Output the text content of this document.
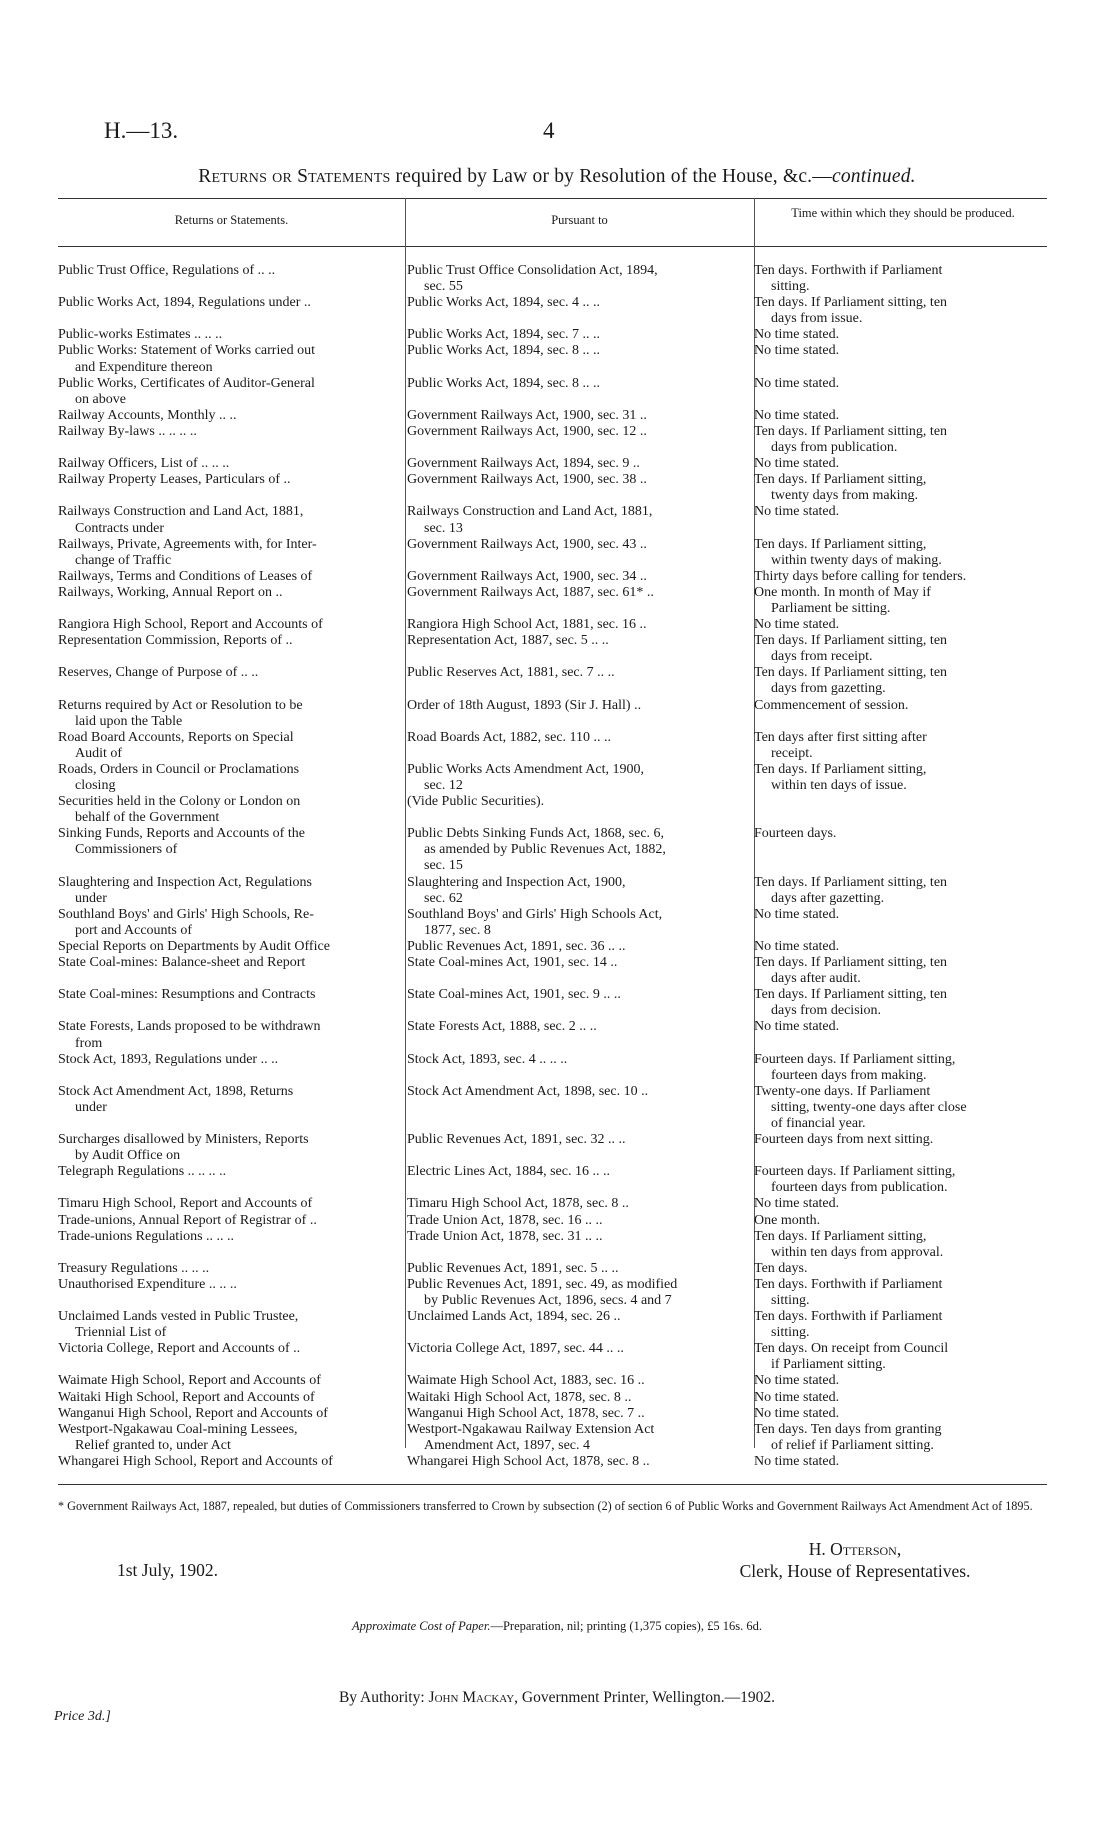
H.—13.	4
Returns or Statements required by Law or by Resolution of the House, &c.—continued.
Returns or Statements.	Pursuant to	Time within which they should be produced.
Public Trust Office, Regulations of .. ..	Public Trust Office Consolidation Act, 1894,
sec. 55	Ten days. Forthwith if Parliament
sitting.

Public Works Act, 1894, Regulations under ..	Public Works Act, 1894, sec. 4 .. ..	Ten days. If Parliament sitting, ten
days from issue.

Public-works Estimates .. .. ..	Public Works Act, 1894, sec. 7 .. ..	No time stated.

Public Works: Statement of Works carried out
and Expenditure thereon	Public Works Act, 1894, sec. 8 .. ..	No time stated.

Public Works, Certificates of Auditor-General
on above	Public Works Act, 1894, sec. 8 .. ..	No time stated.

Railway Accounts, Monthly .. ..	Government Railways Act, 1900, sec. 31 ..	No time stated.

Railway By-laws .. .. .. ..	Government Railways Act, 1900, sec. 12 ..	Ten days. If Parliament sitting, ten
days from publication.

Railway Officers, List of .. .. ..	Government Railways Act, 1894, sec. 9 ..	No time stated.

Railway Property Leases, Particulars of ..	Government Railways Act, 1900, sec. 38 ..	Ten days. If Parliament sitting,
twenty days from making.

Railways Construction and Land Act, 1881,
Contracts under	Railways Construction and Land Act, 1881,
sec. 13	No time stated.

Railways, Private, Agreements with, for Inter-
change of Traffic	Government Railways Act, 1900, sec. 43 ..	Ten days. If Parliament sitting,
within twenty days of making.

Railways, Terms and Conditions of Leases of	Government Railways Act, 1900, sec. 34 ..	Thirty days before calling for tenders.

Railways, Working, Annual Report on ..	Government Railways Act, 1887, sec. 61* ..	One month. In month of May if
Parliament be sitting.

Rangiora High School, Report and Accounts of	Rangiora High School Act, 1881, sec. 16 ..	No time stated.

Representation Commission, Reports of ..	Representation Act, 1887, sec. 5 .. ..	Ten days. If Parliament sitting, ten
days from receipt.

Reserves, Change of Purpose of .. ..	Public Reserves Act, 1881, sec. 7 .. ..	Ten days. If Parliament sitting, ten
days from gazetting.

Returns required by Act or Resolution to be
laid upon the Table	Order of 18th August, 1893 (Sir J. Hall) ..	Commencement of session.

Road Board Accounts, Reports on Special
Audit of	Road Boards Act, 1882, sec. 110 .. ..	Ten days after first sitting after
receipt.

Roads, Orders in Council or Proclamations
closing	Public Works Acts Amendment Act, 1900,
sec. 12	Ten days. If Parliament sitting,
within ten days of issue.

Securities held in the Colony or London on
behalf of the Government	(Vide Public Securities).	

Sinking Funds, Reports and Accounts of the
Commissioners of	Public Debts Sinking Funds Act, 1868, sec. 6,
as amended by Public Revenues Act, 1882,
sec. 15	Fourteen days.

Slaughtering and Inspection Act, Regulations
under	Slaughtering and Inspection Act, 1900,
sec. 62	Ten days. If Parliament sitting, ten
days after gazetting.

Southland Boys' and Girls' High Schools, Re-
port and Accounts of	Southland Boys' and Girls' High Schools Act,
1877, sec. 8	No time stated.

Special Reports on Departments by Audit Office	Public Revenues Act, 1891, sec. 36 .. ..	No time stated.

State Coal-mines: Balance-sheet and Report	State Coal-mines Act, 1901, sec. 14 ..	Ten days. If Parliament sitting, ten
days after audit.

State Coal-mines: Resumptions and Contracts	State Coal-mines Act, 1901, sec. 9 .. ..	Ten days. If Parliament sitting, ten
days from decision.

State Forests, Lands proposed to be withdrawn
from	State Forests Act, 1888, sec. 2 .. ..	No time stated.

Stock Act, 1893, Regulations under .. ..	Stock Act, 1893, sec. 4 .. .. ..	Fourteen days. If Parliament sitting,
fourteen days from making.

Stock Act Amendment Act, 1898, Returns
under	Stock Act Amendment Act, 1898, sec. 10 ..	Twenty-one days. If Parliament
sitting, twenty-one days after close
of financial year.

Surcharges disallowed by Ministers, Reports
by Audit Office on	Public Revenues Act, 1891, sec. 32 .. ..	Fourteen days from next sitting.

Telegraph Regulations .. .. .. ..	Electric Lines Act, 1884, sec. 16 .. ..	Fourteen days. If Parliament sitting,
fourteen days from publication.

Timaru High School, Report and Accounts of	Timaru High School Act, 1878, sec. 8 ..	No time stated.

Trade-unions, Annual Report of Registrar of ..	Trade Union Act, 1878, sec. 16 .. ..	One month.

Trade-unions Regulations .. .. ..	Trade Union Act, 1878, sec. 31 .. ..	Ten days. If Parliament sitting,
within ten days from approval.

Treasury Regulations .. .. ..	Public Revenues Act, 1891, sec. 5 .. ..	Ten days.

Unauthorised Expenditure .. .. ..	Public Revenues Act, 1891, sec. 49, as modified
by Public Revenues Act, 1896, secs. 4 and 7	Ten days. Forthwith if Parliament
sitting.

Unclaimed Lands vested in Public Trustee,
Triennial List of	Unclaimed Lands Act, 1894, sec. 26 ..	Ten days. Forthwith if Parliament
sitting.

Victoria College, Report and Accounts of ..	Victoria College Act, 1897, sec. 44 .. ..	Ten days. On receipt from Council
if Parliament sitting.

Waimate High School, Report and Accounts of	Waimate High School Act, 1883, sec. 16 ..	No time stated.

Waitaki High School, Report and Accounts of	Waitaki High School Act, 1878, sec. 8 ..	No time stated.

Wanganui High School, Report and Accounts of	Wanganui High School Act, 1878, sec. 7 ..	No time stated.

Westport-Ngakawau Coal-mining Lessees,
Relief granted to, under Act	Westport-Ngakawau Railway Extension Act
Amendment Act, 1897, sec. 4	Ten days. Ten days from granting
of relief if Parliament sitting.

Whangarei High School, Report and Accounts of	Whangarei High School Act, 1878, sec. 8 ..	No time stated.
* Government Railways Act, 1887, repealed, but duties of Commissioners transferred to Crown by subsection (2) of section 6 of Public Works and Government Railways Act Amendment Act of 1895.
1st July, 1902.
H. Otterson,
Clerk, House of Representatives.
Approximate Cost of Paper.—Preparation, nil; printing (1,375 copies), £5 16s. 6d.
By Authority: John Mackay, Government Printer, Wellington.—1902.
Price 3d.]
